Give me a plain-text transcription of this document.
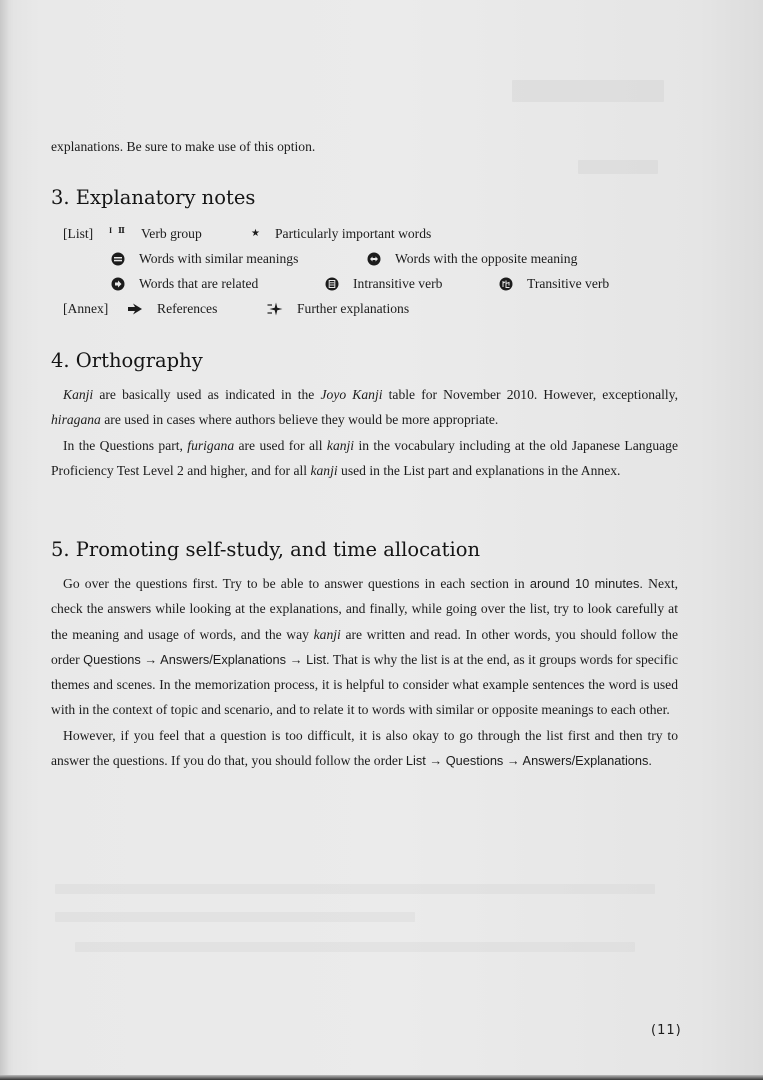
explanations. Be sure to make use of this option.

3. Explanatory notes
[List]	I Ⅱ	Verb group	★	Particularly important words
Words with similar meanings	Words with the opposite meaning
Words that are related	Intransitive verb	Transitive verb
[Annex]	References	Further explanations
4. Orthography

Kanji are basically used as indicated in the Joyo Kanji table for November 2010. However, exceptionally, hiragana are used in cases where authors believe they would be more appropriate.

In the Questions part, furigana are used for all kanji in the vocabulary including at the old Japanese Language Proficiency Test Level 2 and higher, and for all kanji used in the List part and explanations in the Annex.

5. Promoting self-study, and time allocation

Go over the questions first. Try to be able to answer questions in each section in around 10 minutes. Next, check the answers while looking at the explanations, and finally, while going over the list, try to look carefully at the meaning and usage of words, and the way kanji are written and read. In other words, you should follow the order Questions → Answers/Explanations → List. That is why the list is at the end, as it groups words for specific themes and scenes. In the memorization process, it is helpful to consider what example sentences the word is used with in the context of topic and scenario, and to relate it to words with similar or opposite meanings to each other.

However, if you feel that a question is too difficult, it is also okay to go through the list first and then try to answer the questions. If you do that, you should follow the order List → Questions → Answers/Explanations.

(11)
